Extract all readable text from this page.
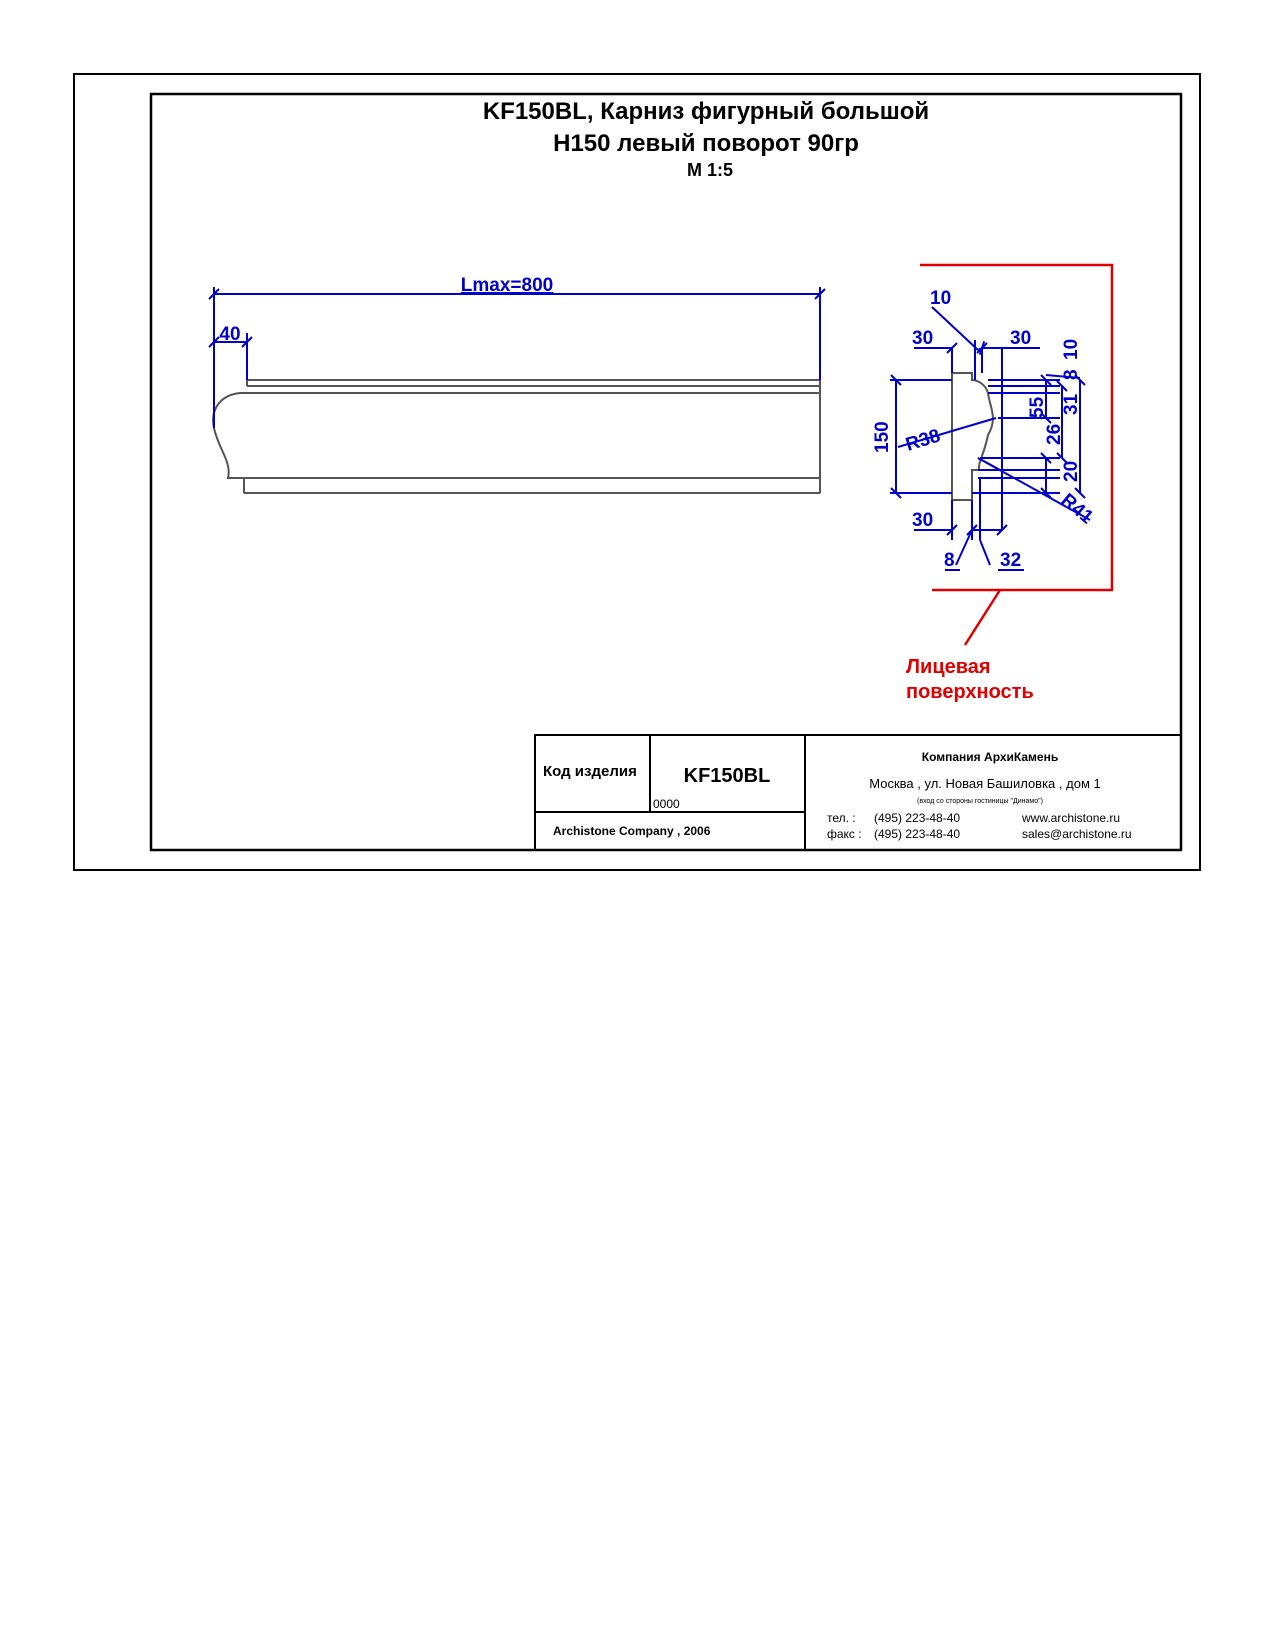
KF150BL, Карниз фигурный большой
H150 левый поворот 90гр
M 1:5
Lmax=800
40
10
30	30
150 R38
55
8
10
31
26
20
R41
30
8 32
Лицевая
поверхность
Код изделия KF150BL
0000
Archistone Company , 2006
Компания АрхиКамень
Москва , ул. Новая Башиловка , дом 1
(вход со стороны гостиницы "Динамо")
тел. : (495) 223-48-40
факс : (495) 223-48-40
www.archistone.ru
sales@archistone.ru
